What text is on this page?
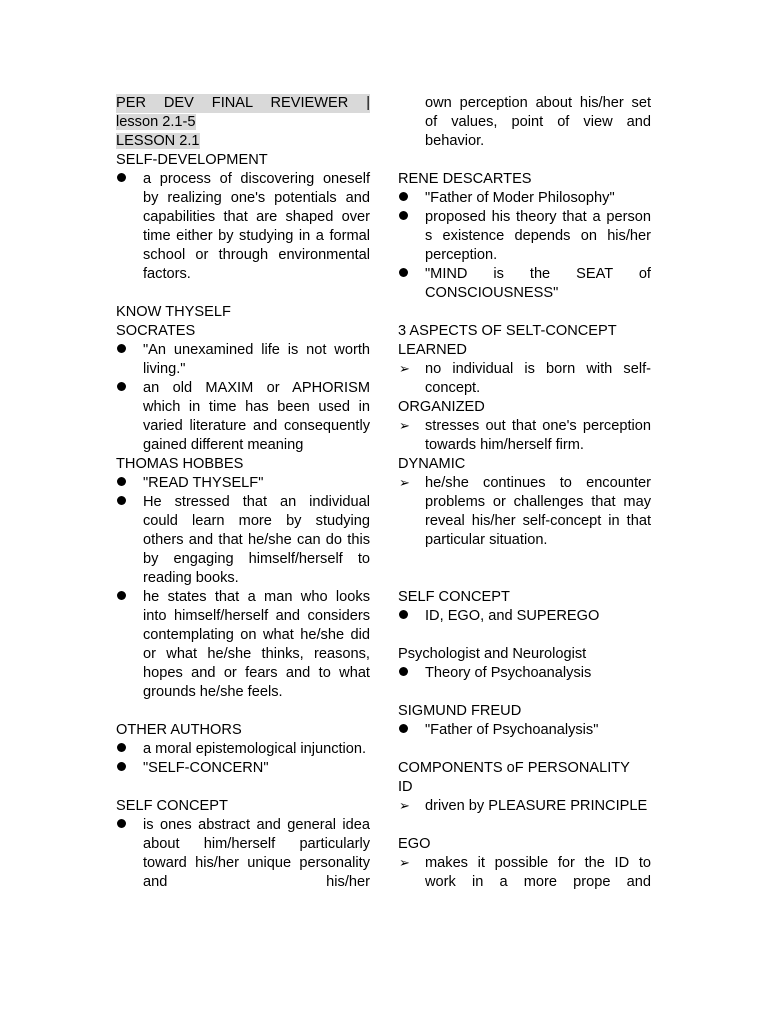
PER DEV FINAL REVIEWER |
lesson 2.1-5
LESSON 2.1
SELF-DEVELOPMENT
a process of discovering oneself by realizing one's potentials and capabilities that are shaped over time either by studying in a formal school or through environmental factors.
KNOW THYSELF
SOCRATES
"An unexamined life is not worth living."
an old MAXIM or APHORISM which in time has been used in varied literature and consequently gained different meaning
THOMAS HOBBES
"READ THYSELF"
He stressed that an individual could learn more by studying others and that he/she can do this by engaging himself/herself to reading books.
he states that a man who looks into himself/herself and considers contemplating on what he/she did or what he/she thinks, reasons, hopes and or fears and to what grounds he/she feels.
OTHER AUTHORS
a moral epistemological injunction.
"SELF-CONCERN"
SELF CONCEPT
is ones abstract and general idea about him/herself particularly toward his/her unique personality and his/her
own perception about his/her set of values, point of view and behavior.
RENE DESCARTES
"Father of Moder Philosophy"
proposed his theory that a person s existence depends on his/her perception.
"MIND is the SEAT of CONSCIOUSNESS"
3 ASPECTS OF SELT-CONCEPT
LEARNED
➢ no individual is born with self-concept.
ORGANIZED
➢ stresses out that one's perception towards him/herself firm.
DYNAMIC
➢ he/she continues to encounter problems or challenges that may reveal his/her self-concept in that particular situation.
SELF CONCEPT
ID, EGO, and SUPEREGO
Psychologist and Neurologist
Theory of Psychoanalysis
SIGMUND FREUD
"Father of Psychoanalysis"
COMPONENTS oF PERSONALITY
ID
➢ driven by PLEASURE PRINCIPLE
EGO
➢ makes it possible for the ID to work in a more prope and
